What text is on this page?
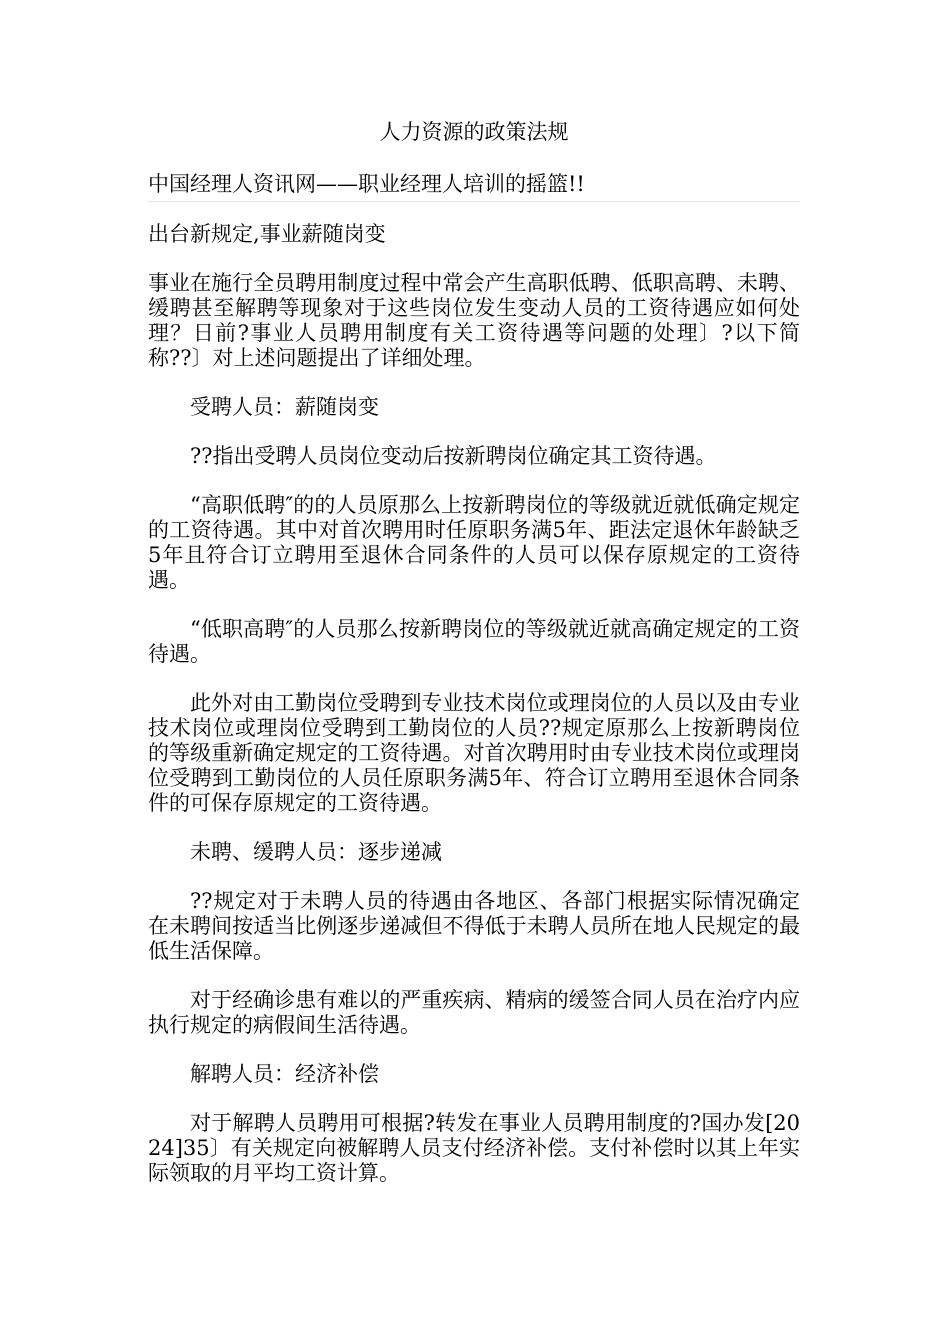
人力资源的政策法规
中国经理人资讯网——职业经理人培训的摇篮!!

出台新规定,事业薪随岗变

事业在施行全员聘用制度过程中常会产生高职低聘、低职高聘、未聘、缓聘甚至解聘等现象对于这些岗位发生变动人员的工资待遇应如何处理？日前?事业人员聘用制度有关工资待遇等问题的处理〕?以下简称??〕对上述问题提出了详细处理。

受聘人员：薪随岗变

??指出受聘人员岗位变动后按新聘岗位确定其工资待遇。

“高职低聘″的的人员原那么上按新聘岗位的等级就近就低确定规定的工资待遇。其中对首次聘用时任原职务满5年、距法定退休年龄缺乏5年且符合订立聘用至退休合同条件的人员可以保存原规定的工资待遇。

“低职高聘″的人员那么按新聘岗位的等级就近就高确定规定的工资待遇。

此外对由工勤岗位受聘到专业技术岗位或理岗位的人员以及由专业技术岗位或理岗位受聘到工勤岗位的人员??规定原那么上按新聘岗位的等级重新确定规定的工资待遇。对首次聘用时由专业技术岗位或理岗位受聘到工勤岗位的人员任原职务满5年、符合订立聘用至退休合同条件的可保存原规定的工资待遇。

未聘、缓聘人员：逐步递减

??规定对于未聘人员的待遇由各地区、各部门根据实际情况确定在未聘间按适当比例逐步递减但不得低于未聘人员所在地人民规定的最低生活保障。

对于经确诊患有难以的严重疾病、精病的缓签合同人员在治疗内应执行规定的病假间生活待遇。

解聘人员：经济补偿

对于解聘人员聘用可根据?转发在事业人员聘用制度的?国办发[2024]35〕有关规定向被解聘人员支付经济补偿。支付补偿时以其上年实际领取的月平均工资计算。
